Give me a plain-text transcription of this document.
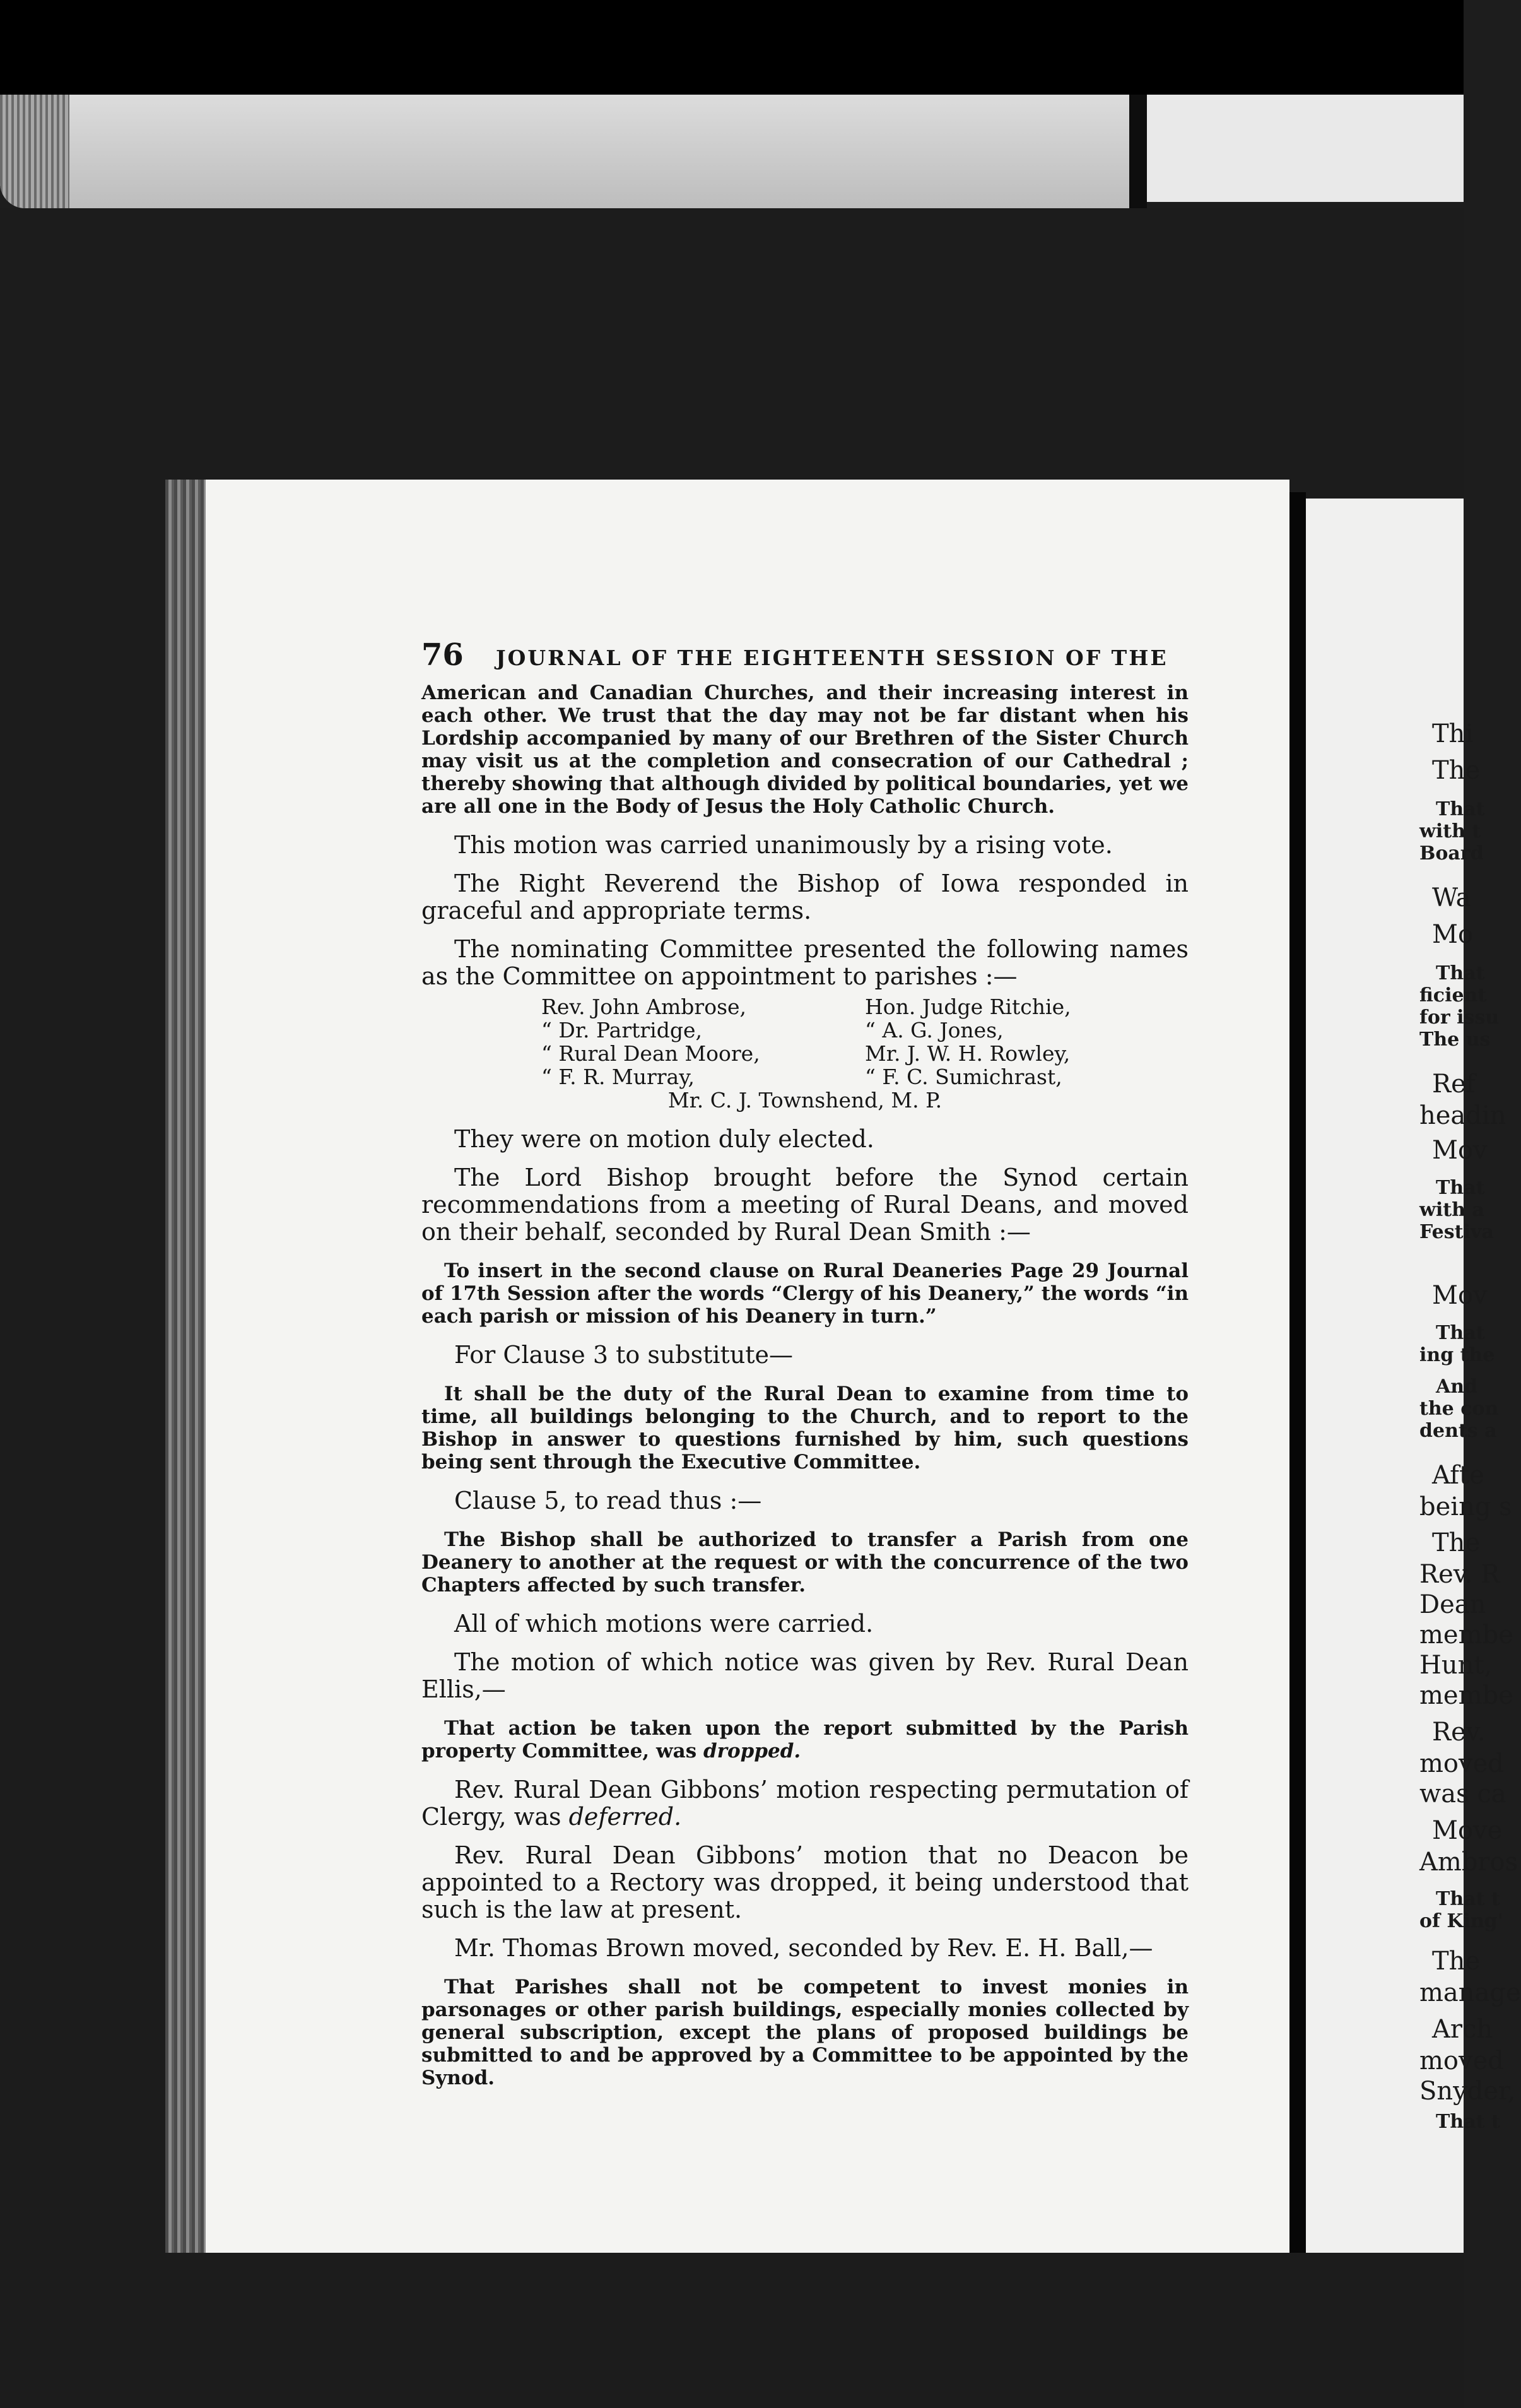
Thi
The
That
with t
Board
Wa
Mo
That
ficient
for issu
The us
Ref
headin
Mov
That
with a
Festiva
Mov
That
ing the
And
the con
dents a
Afte
being s
The
Rev. R
Dean
membe
Hunt,
membe
Rev.
moved
was ca
Move
Ambros
That t
of King'
The
manage
Arch
moved
Snyder,
That t
76	JOURNAL OF THE EIGHTEENTH SESSION OF THE

American and Canadian Churches, and their increasing interest in each other. We trust that the day may not be far distant when his Lordship accompanied by many of our Brethren of the Sister Church may visit us at the completion and consecration of our Cathedral ; thereby showing that although divided by political boundaries, yet we are all one in the Body of Jesus the Holy Catholic Church.

This motion was carried unanimously by a rising vote.

The Right Reverend the Bishop of Iowa responded in graceful and appropriate terms.

The nominating Committee presented the following names as the Committee on appointment to parishes :—

Rev. John Ambrose,
“ Dr. Partridge,
“ Rural Dean Moore,
“ F. R. Murray,
Hon. Judge Ritchie,
“ A. G. Jones,
Mr. J. W. H. Rowley,
“ F. C. Sumichrast,
Mr. C. J. Townshend, M. P.

They were on motion duly elected.

The Lord Bishop brought before the Synod certain recommendations from a meeting of Rural Deans, and moved on their behalf, seconded by Rural Dean Smith :—

To insert in the second clause on Rural Deaneries Page 29 Journal of 17th Session after the words “Clergy of his Deanery,” the words “in each parish or mission of his Deanery in turn.”

For Clause 3 to substitute—

It shall be the duty of the Rural Dean to examine from time to time, all buildings belonging to the Church, and to report to the Bishop in answer to questions furnished by him, such questions being sent through the Executive Committee.

Clause 5, to read thus :—

The Bishop shall be authorized to transfer a Parish from one Deanery to another at the request or with the concurrence of the two Chapters affected by such transfer.

All of which motions were carried.

The motion of which notice was given by Rev. Rural Dean Ellis,—

That action be taken upon the report submitted by the Parish property Committee, was dropped.

Rev. Rural Dean Gibbons’ motion respecting permutation of Clergy, was deferred.

Rev. Rural Dean Gibbons’ motion that no Deacon be appointed to a Rectory was dropped, it being understood that such is the law at present.

Mr. Thomas Brown moved, seconded by Rev. E. H. Ball,—

That Parishes shall not be competent to invest monies in parsonages or other parish buildings, especially monies collected by general subscription, except the plans of proposed buildings be submitted to and be approved by a Committee to be appointed by the Synod.
